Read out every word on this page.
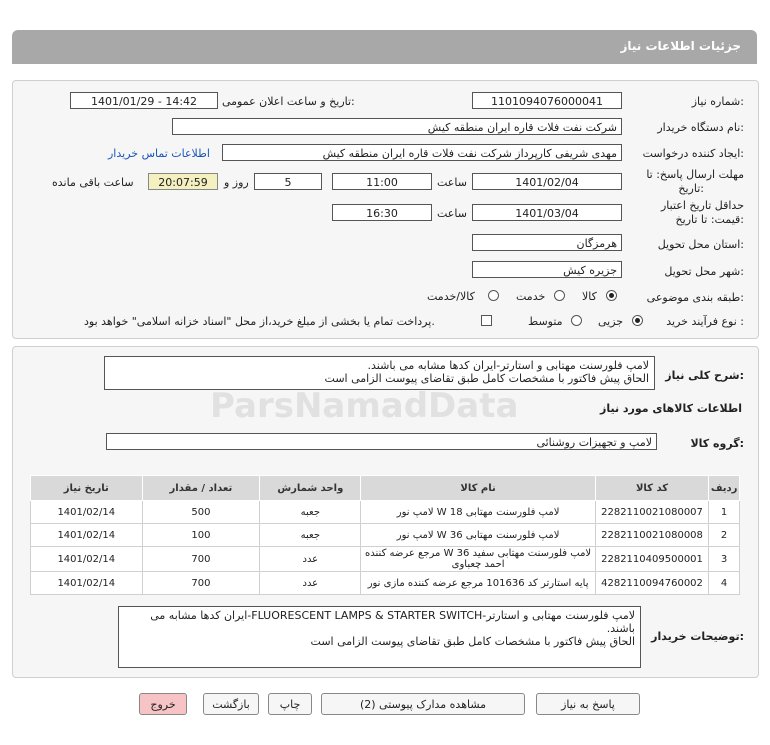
جزئیات اطلاعات نیاز
شماره نیاز:
1101094076000041
تاریخ و ساعت اعلان عمومی:
1401/01/29 - 14:42
نام دستگاه خریدار:
شرکت نفت فلات قاره ایران منطقه کیش
ایجاد کننده درخواست:
مهدی شریفی کارپرداز شرکت نفت فلات قاره ایران منطقه کیش
اطلاعات تماس خریدار
مهلت ارسال پاسخ: تا
تاریخ:
1401/02/04
ساعت
11:00
5
روز و
20:07:59
ساعت باقی مانده
حداقل تاریخ اعتبار
قیمت: تا تاریخ:
1401/03/04
ساعت
16:30
استان محل تحویل:
هرمزگان
شهر محل تحویل:
جزیره کیش
طبقه بندی موضوعی:
کالا
خدمت
کالا/خدمت
نوع فرآیند خرید :
جزیی
متوسط
پرداخت تمام یا بخشی از مبلغ خرید،از محل "اسناد خزانه اسلامی" خواهد بود.
شرح کلی نیاز:
لامپ فلورسنت مهتابی و استارتر-ایران کدها مشابه می باشند.
الحاق پیش فاکتور با مشخصات کامل طبق تقاضای پیوست الزامی است
اطلاعات کالاهای مورد نیاز
گروه کالا:
لامپ و تجهیزات روشنائی
ردیف	کد کالا	نام کالا	واحد شمارش	تعداد / مقدار	تاریخ نیاز
1	2282110021080007	لامپ فلورسنت مهتابی W 18 لامپ نور	جعبه	500	1401/02/14
2	2282110021080008	لامپ فلورسنت مهتابی W 36 لامپ نور	جعبه	100	1401/02/14
3	2282110409500001	لامپ فلورسنت مهتابی سفید W 36 مرجع عرضه کننده احمد چعباوی	عدد	700	1401/02/14
4	4282110094760002	پایه استارتر کد 101636 مرجع عرضه کننده مازی نور	عدد	700	1401/02/14
توضیحات خریدار:
لامپ فلورسنت مهتابی و استارتر-FLUORESCENT LAMPS & STARTER SWITCH-ایران کدها مشابه می باشند.
الحاق پیش فاکتور با مشخصات کامل طبق تقاضای پیوست الزامی است
ParsNamadData
پاسخ به نیاز
مشاهده مدارک پیوستی (2)
چاپ
بازگشت
خروج
